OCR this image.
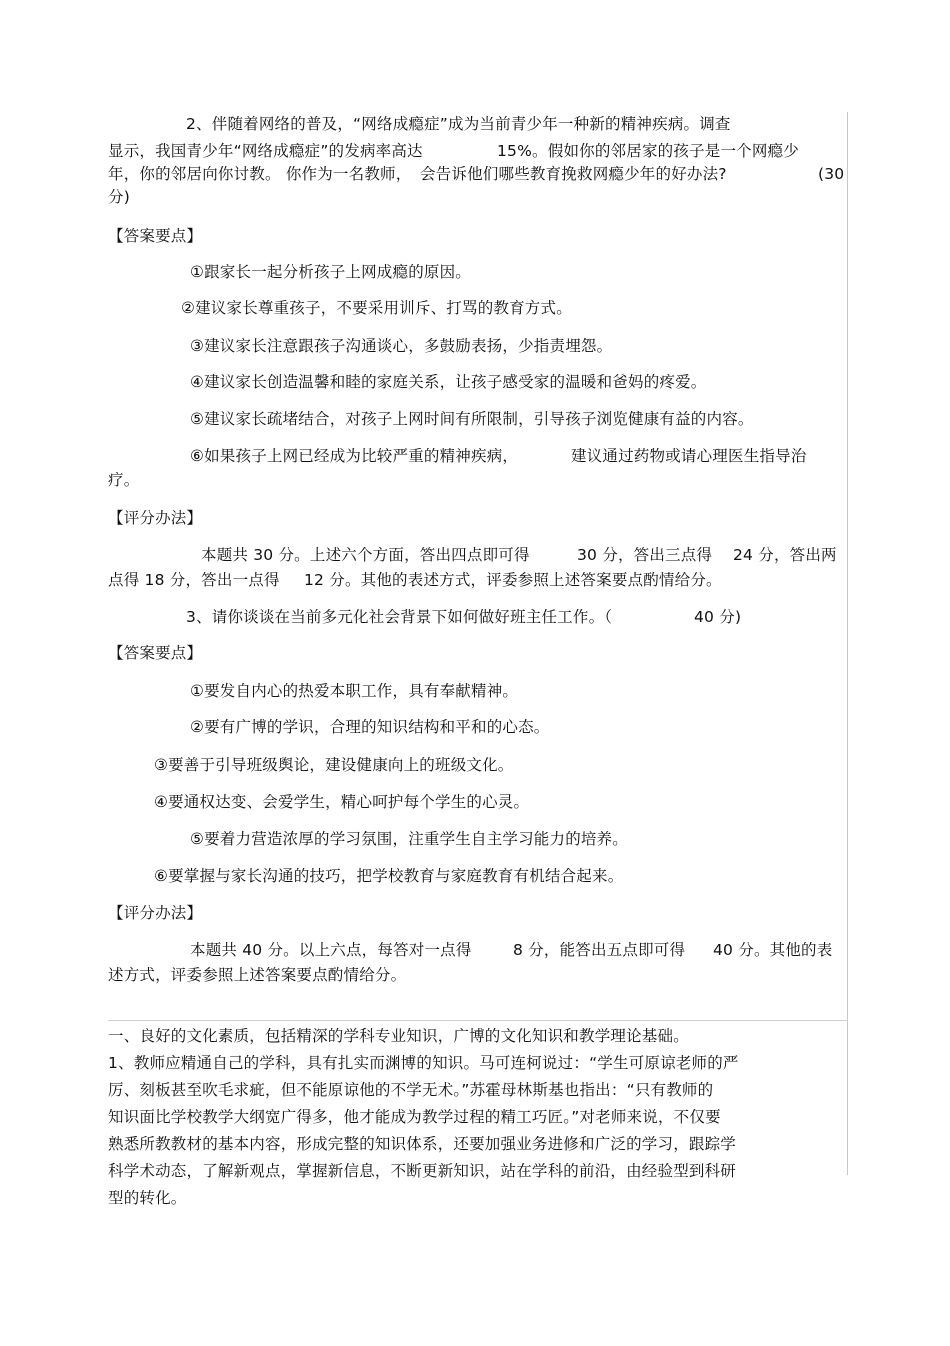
2、伴随着网络的普及，“网络成瘾症”成为当前青少年一种新的精神疾病。调查
显示，我国青少年“网络成瘾症”的发病率高达	15%。假如你的邻居家的孩子是一个网瘾少
年，你的邻居向你讨教。 你作为一名教师， 会告诉他们哪些教育挽救网瘾少年的好办法?	(30
分)
【答案要点】
①跟家长一起分析孩子上网成瘾的原因。
②建议家长尊重孩子，不要采用训斥、打骂的教育方式。
③建议家长注意跟孩子沟通谈心，多鼓励表扬，少指责埋怨。
④建议家长创造温馨和睦的家庭关系，让孩子感受家的温暖和爸妈的疼爱。
⑤建议家长疏堵结合，对孩子上网时间有所限制，引导孩子浏览健康有益的内容。
⑥如果孩子上网已经成为比较严重的精神疾病，	建议通过药物或请心理医生指导治
疗。
【评分办法】
本题共 30 分。上述六个方面，答出四点即可得	30 分，答出三点得 24 分，答出两
点得 18 分，答出一点得 12 分。其他的表述方式，评委参照上述答案要点酌情给分。
3、请你谈谈在当前多元化社会背景下如何做好班主任工作。（	40 分)
【答案要点】
①要发自内心的热爱本职工作，具有奉献精神。
②要有广博的学识，合理的知识结构和平和的心态。
③要善于引导班级舆论，建设健康向上的班级文化。
④要通权达变、会爱学生，精心呵护每个学生的心灵。
⑤要着力营造浓厚的学习氛围，注重学生自主学习能力的培养。
⑥要掌握与家长沟通的技巧，把学校教育与家庭教育有机结合起来。
【评分办法】
本题共 40 分。以上六点，每答对一点得	8 分，能答出五点即可得 40 分。其他的表
述方式，评委参照上述答案要点酌情给分。
一、良好的文化素质，包括精深的学科专业知识，广博的文化知识和教学理论基础。
1、教师应精通自己的学科，具有扎实而渊博的知识。马可连柯说过：“学生可原谅老师的严
厉、刻板甚至吹毛求疵，但不能原谅他的不学无术。”苏霍母林斯基也指出：“只有教师的
知识面比学校教学大纲宽广得多，他才能成为教学过程的精工巧匠。”对老师来说，不仅要
熟悉所教教材的基本内容，形成完整的知识体系，还要加强业务进修和广泛的学习，跟踪学
科学术动态，了解新观点，掌握新信息，不断更新知识，站在学科的前沿，由经验型到科研
型的转化。
